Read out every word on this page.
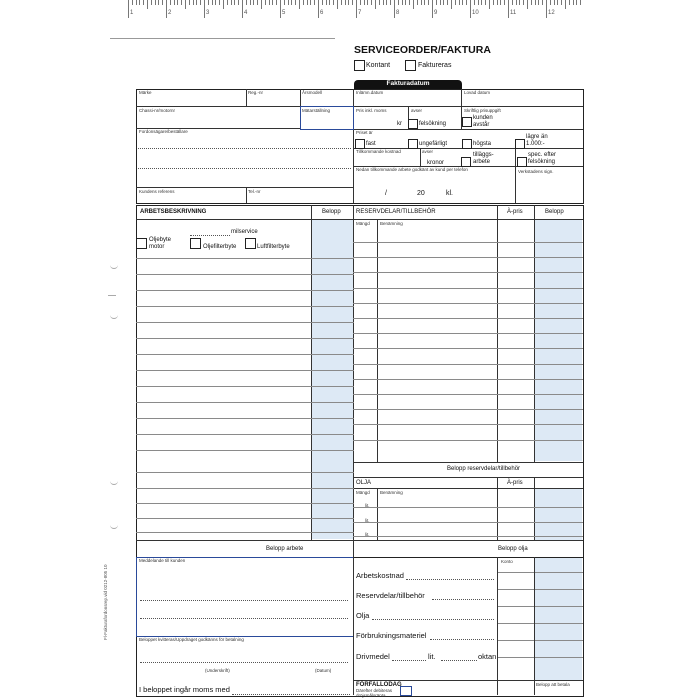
1	2	3	4	5	6	7	8	9	10	11	12
SERVICEORDER/FAKTURA
Kontant	Faktureras
Fakturadatum
Märke	Reg.-nr	Årsmodell	Inlämn.datum	Lovad datum
Chassi-nr/motornr	Mätarställning	Pris inkl. moms	avser
kr	felsökning
Skriftlig prisuppgift
kunden
avstår
Fordonsägare/beställare	Priset är
fast	ungefärligt	högsta
lägre än
1.000:-
Tillkommande kostnad	avser
kronor
tilläggs-
arbete
spec. efter
felsökning
Nedan tillkommande arbete godkänt av kund per telefon	Verkstadens sign.
/	20	kl.
Kundens referens	Tel.-nr
ARBETSBESKRIVNING	Belopp
milservice
Oljebyte
motor	Oljefilterbyte	Luftfilterbyte
Belopp arbete
RESERVDELAR/TILLBEHÖR	À-pris	Belopp
Mängd Benämning
Belopp reservdelar/tillbehör
OLJA	À-pris
Mängd Benämning
lit.
lit.
lit.
Belopp olja
Meddelande till kunden
Beloppet kvitteras/Uppdraget godkänns för betalning
(Underskrift)	(Datum)
I beloppet ingår moms med
Konto
Arbetskostnad
Reservdelar/tillbehör
Olja
Förbrukningsmateriel
Drivmedel	lit.	oktan
FÖRFALLODAG
Därefter debiteras
dröjsmålsränta
Belopp att betala
Fl-Fakturafordonsrep.vid 0212-805 10
